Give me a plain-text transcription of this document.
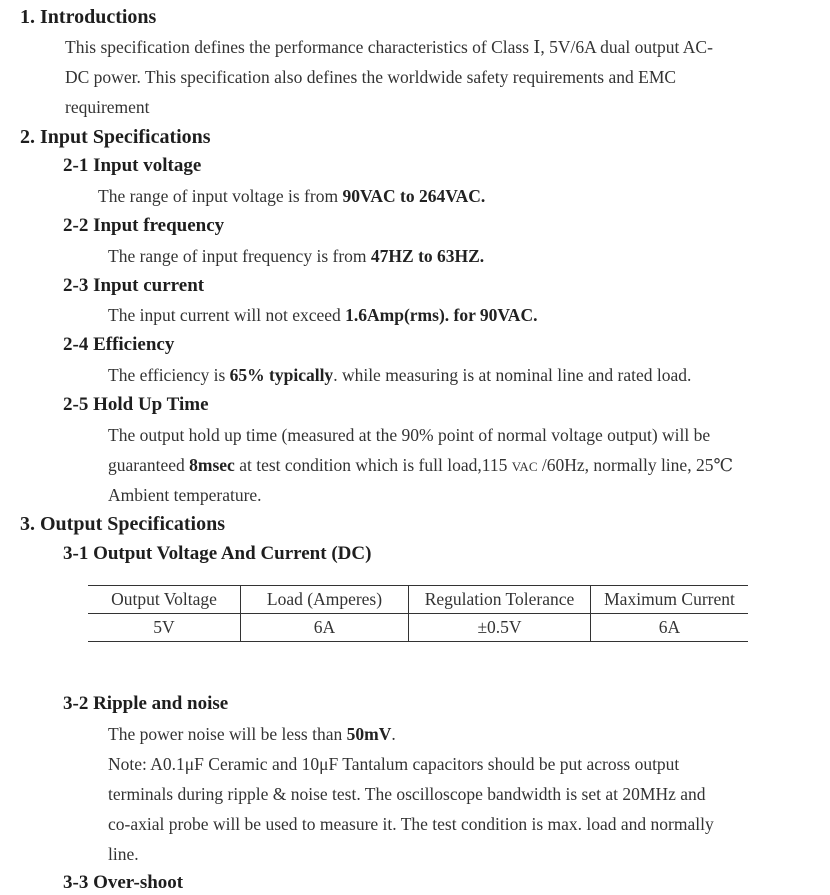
1. Introductions
This specification defines the performance characteristics of Class Ⅰ, 5V/6A dual output AC-
DC power. This specification also defines the worldwide safety requirements and EMC
requirement
2. Input Specifications
2-1 Input voltage
The range of input voltage is from 90VAC to 264VAC.
2-2 Input frequency
The range of input frequency is from 47HZ to 63HZ.
2-3 Input current
The input current will not exceed 1.6Amp(rms). for 90VAC.
2-4 Efficiency
The efficiency is 65% typically. while measuring is at nominal line and rated load.
2-5 Hold Up Time
The output hold up time (measured at the 90% point of normal voltage output) will be
guaranteed 8msec at test condition which is full load,115 VAC /60Hz, normally line, 25℃
Ambient temperature.
3. Output Specifications
3-1 Output Voltage And Current (DC)
Output Voltage	Load (Amperes)	Regulation Tolerance	Maximum Current
5V	6A	±0.5V	6A
3-2 Ripple and noise
The power noise will be less than 50mV.
Note: A0.1μF Ceramic and 10μF Tantalum capacitors should be put across output
terminals during ripple & noise test. The oscilloscope bandwidth is set at 20MHz and
co-axial probe will be used to measure it. The test condition is max. load and normally
line.
3-3 Over-shoot
